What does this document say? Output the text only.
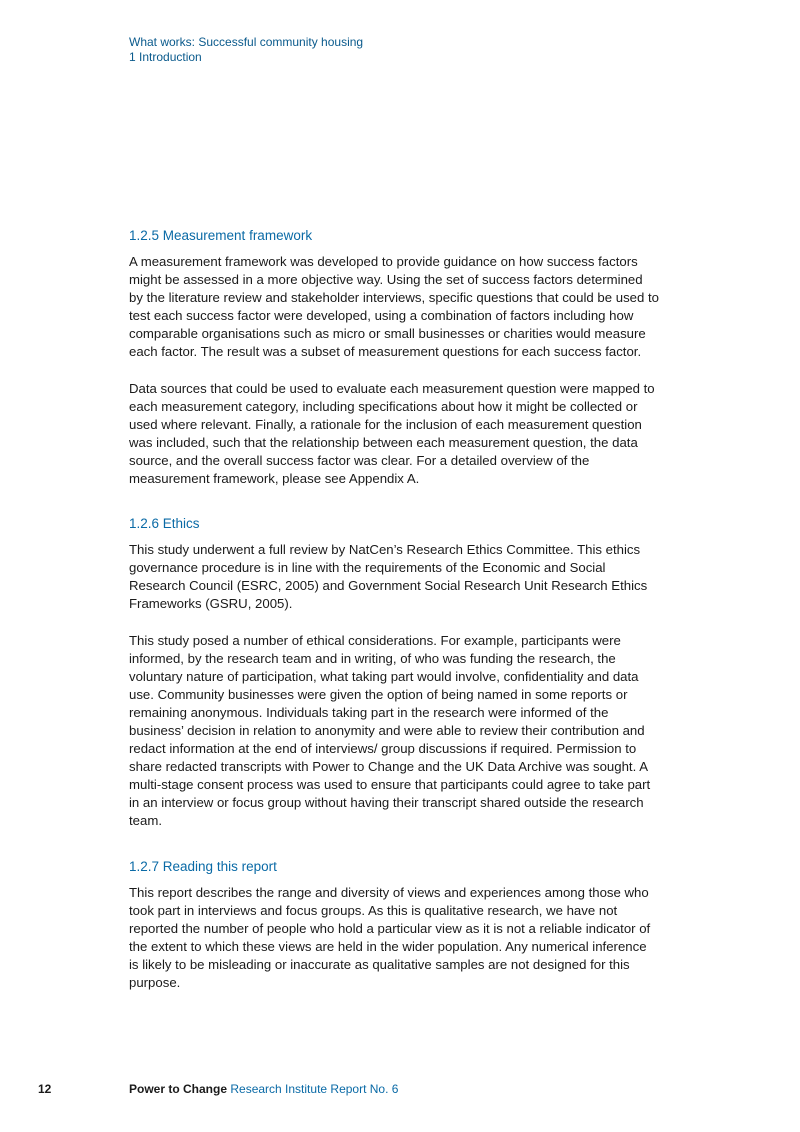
What works: Successful community housing
1 Introduction
1.2.5 Measurement framework

A measurement framework was developed to provide guidance on how success factors might be assessed in a more objective way. Using the set of success factors determined by the literature review and stakeholder interviews, specific questions that could be used to test each success factor were developed, using a combination of factors including how comparable organisations such as micro or small businesses or charities would measure each factor. The result was a subset of measurement questions for each success factor.

Data sources that could be used to evaluate each measurement question were mapped to each measurement category, including specifications about how it might be collected or used where relevant. Finally, a rationale for the inclusion of each measurement question was included, such that the relationship between each measurement question, the data source, and the overall success factor was clear. For a detailed overview of the measurement framework, please see Appendix A.

1.2.6 Ethics

This study underwent a full review by NatCen’s Research Ethics Committee. This ethics governance procedure is in line with the requirements of the Economic and Social Research Council (ESRC, 2005) and Government Social Research Unit Research Ethics Frameworks (GSRU, 2005).

This study posed a number of ethical considerations. For example, participants were informed, by the research team and in writing, of who was funding the research, the voluntary nature of participation, what taking part would involve, confidentiality and data use. Community businesses were given the option of being named in some reports or remaining anonymous. Individuals taking part in the research were informed of the business’ decision in relation to anonymity and were able to review their contribution and redact information at the end of interviews/ group discussions if required. Permission to share redacted transcripts with Power to Change and the UK Data Archive was sought. A multi-stage consent process was used to ensure that participants could agree to take part in an interview or focus group without having their transcript shared outside the research team.

1.2.7 Reading this report

This report describes the range and diversity of views and experiences among those who took part in interviews and focus groups. As this is qualitative research, we have not reported the number of people who hold a particular view as it is not a reliable indicator of the extent to which these views are held in the wider population. Any numerical inference is likely to be misleading or inaccurate as qualitative samples are not designed for this purpose.

12	Power to Change Research Institute Report No. 6
